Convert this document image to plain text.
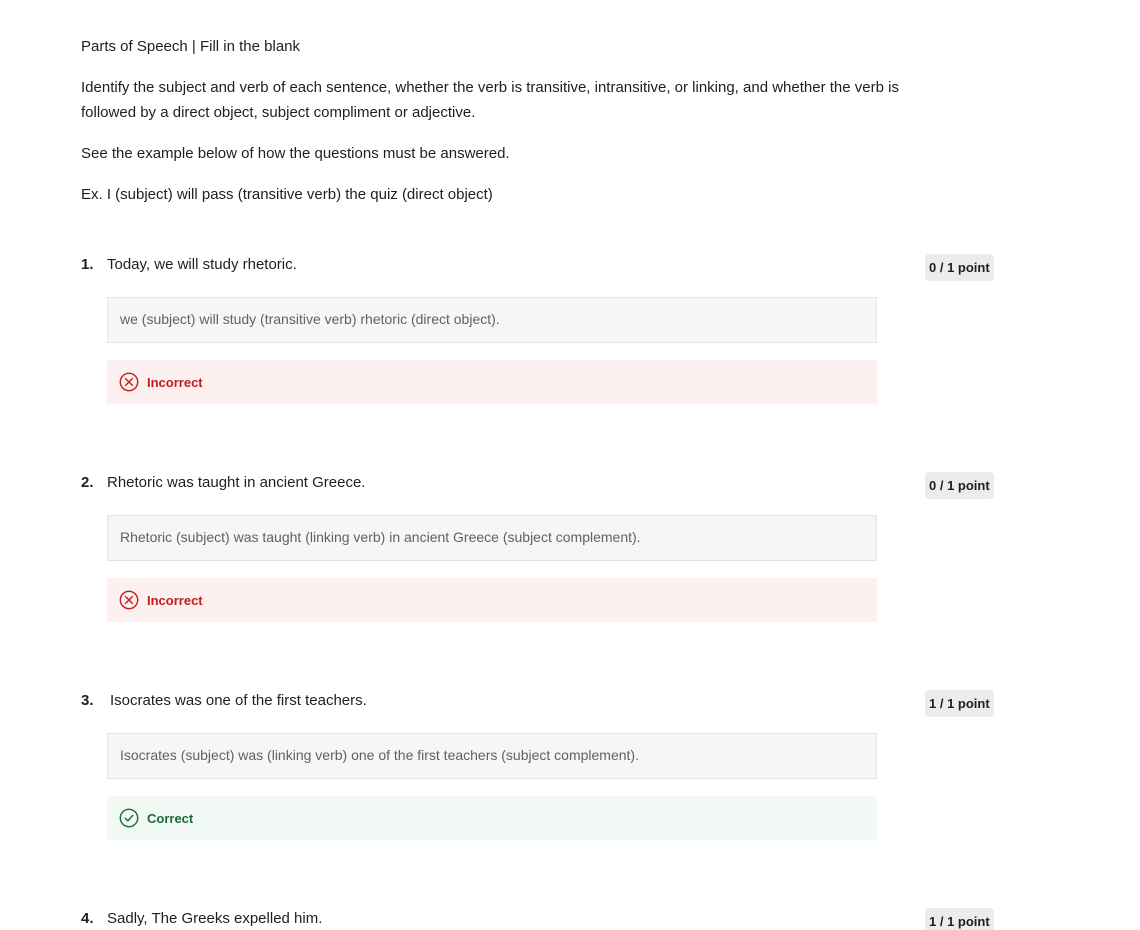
Parts of Speech | Fill in the blank

Identify the subject and verb of each sentence, whether the verb is transitive, intransitive, or linking, and whether the verb is followed by a direct object, subject compliment or adjective.

See the example below of how the questions must be answered.

Ex. I (subject) will pass (transitive verb) the quiz (direct object)

1. Today, we will study rhetoric.	0 / 1 point
we (subject) will study (transitive verb) rhetoric (direct object).
Incorrect
2. Rhetoric was taught in ancient Greece.	0 / 1 point
Rhetoric (subject) was taught (linking verb) in ancient Greece (subject complement).
Incorrect
3. Isocrates was one of the first teachers.	1 / 1 point
Isocrates (subject) was (linking verb) one of the first teachers (subject complement).
Correct
4. Sadly, The Greeks expelled him.	1 / 1 point
